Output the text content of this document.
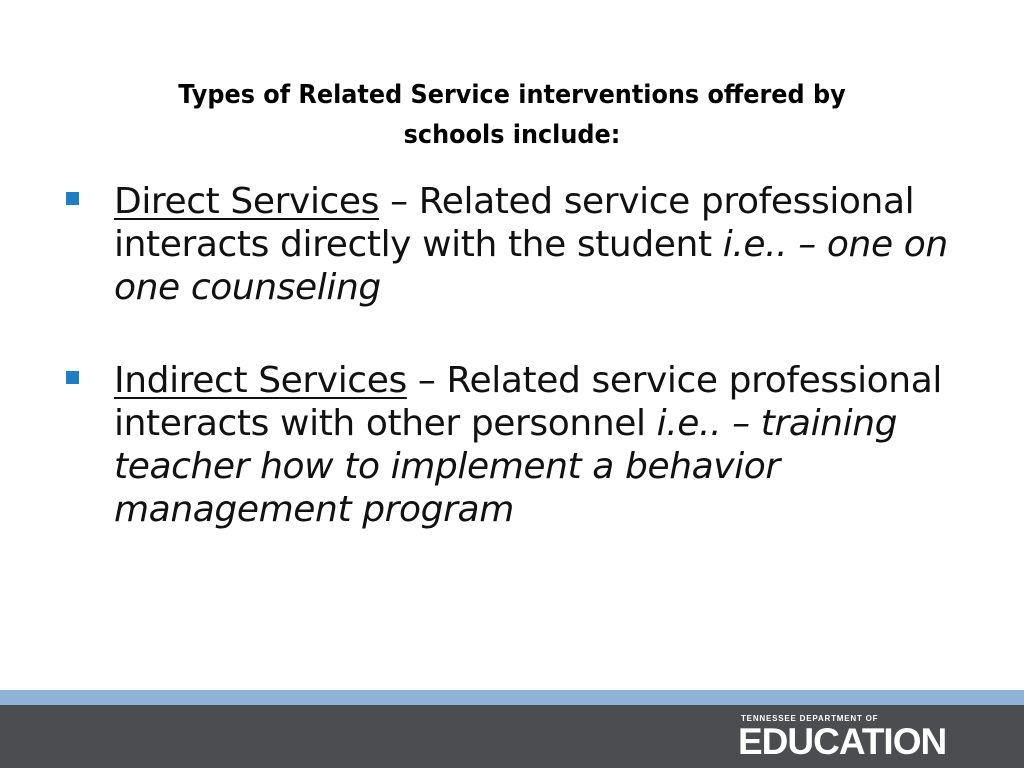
Types of Related Service interventions offered by
schools include:
Direct Services – Related service professional interacts directly with the student i.e.. – one on one counseling
Indirect Services – Related service professional interacts with other personnel i.e.. – training teacher how to implement a behavior management program
TENNESSEE DEPARTMENT OF
EDUCATION
